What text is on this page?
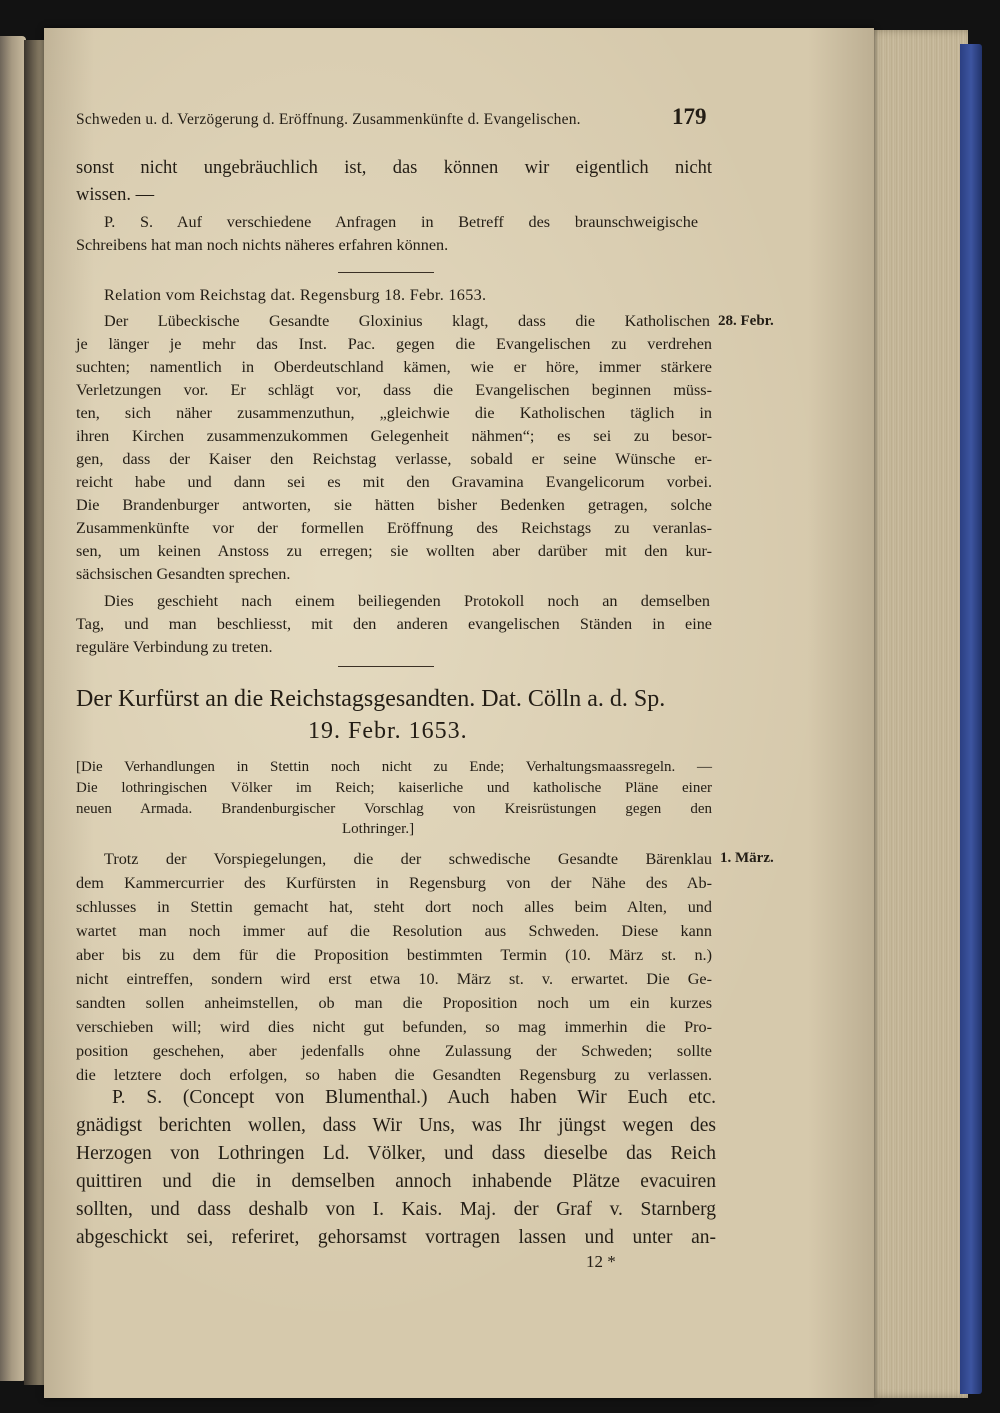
Schweden u. d. Verzögerung d. Eröffnung. Zusammenkünfte d. Evangelischen.	179
sonst nicht ungebräuchlich ist, das können wir eigentlich nicht
wissen. —
P. S. Auf verschiedene Anfragen in Betreff des braunschweigische
Schreibens hat man noch nichts näheres erfahren können.
Relation vom Reichstag dat. Regensburg 18. Febr. 1653.
28. Febr.
Der Lübeckische Gesandte Gloxinius klagt, dass die Katholischen
je länger je mehr das Inst. Pac. gegen die Evangelischen zu verdrehen
suchten; namentlich in Oberdeutschland kämen, wie er höre, immer stärkere
Verletzungen vor. Er schlägt vor, dass die Evangelischen beginnen müss-
ten, sich näher zusammenzuthun, „gleichwie die Katholischen täglich in
ihren Kirchen zusammenzukommen Gelegenheit nähmen“; es sei zu besor-
gen, dass der Kaiser den Reichstag verlasse, sobald er seine Wünsche er-
reicht habe und dann sei es mit den Gravamina Evangelicorum vorbei.
Die Brandenburger antworten, sie hätten bisher Bedenken getragen, solche
Zusammenkünfte vor der formellen Eröffnung des Reichstags zu veranlas-
sen, um keinen Anstoss zu erregen; sie wollten aber darüber mit den kur-
sächsischen Gesandten sprechen.
Dies geschieht nach einem beiliegenden Protokoll noch an demselben
Tag, und man beschliesst, mit den anderen evangelischen Ständen in eine
reguläre Verbindung zu treten.
Der Kurfürst an die Reichstagsgesandten. Dat. Cölln a. d. Sp.
19. Febr. 1653.
[Die Verhandlungen in Stettin noch nicht zu Ende; Verhaltungsmaassregeln. —
Die lothringischen Völker im Reich; kaiserliche und katholische Pläne einer
neuen Armada. Brandenburgischer Vorschlag von Kreisrüstungen gegen den
Lothringer.]
1. März.
Trotz der Vorspiegelungen, die der schwedische Gesandte Bärenklau
dem Kammercurrier des Kurfürsten in Regensburg von der Nähe des Ab-
schlusses in Stettin gemacht hat, steht dort noch alles beim Alten, und
wartet man noch immer auf die Resolution aus Schweden. Diese kann
aber bis zu dem für die Proposition bestimmten Termin (10. März st. n.)
nicht eintreffen, sondern wird erst etwa 10. März st. v. erwartet. Die Ge-
sandten sollen anheimstellen, ob man die Proposition noch um ein kurzes
verschieben will; wird dies nicht gut befunden, so mag immerhin die Pro-
position geschehen, aber jedenfalls ohne Zulassung der Schweden; sollte
die letztere doch erfolgen, so haben die Gesandten Regensburg zu verlassen.
P. S. (Concept von Blumenthal.) Auch haben Wir Euch etc.
gnädigst berichten wollen, dass Wir Uns, was Ihr jüngst wegen des
Herzogen von Lothringen Ld. Völker, und dass dieselbe das Reich
quittiren und die in demselben annoch inhabende Plätze evacuiren
sollten, und dass deshalb von I. Kais. Maj. der Graf v. Starnberg
abgeschickt sei, referiret, gehorsamst vortragen lassen und unter an-
12 *
